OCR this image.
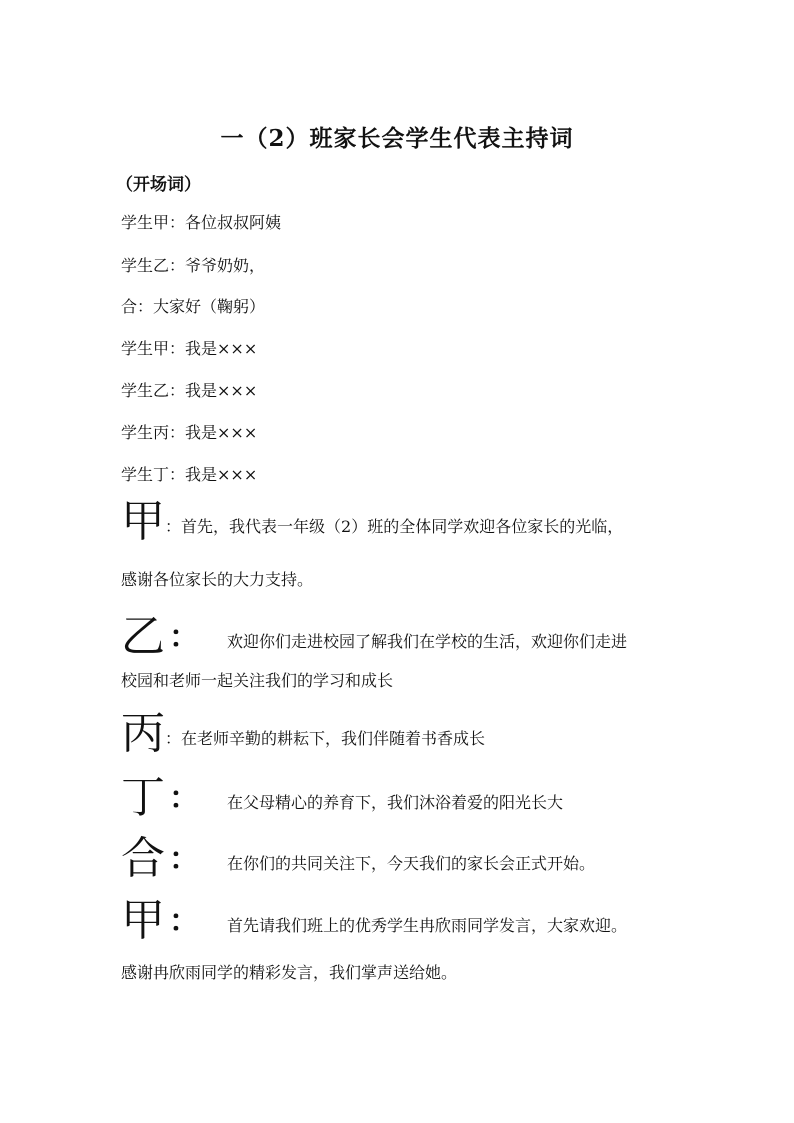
一（2）班家长会学生代表主持词
（开场词）
学生甲：各位叔叔阿姨
学生乙：爷爷奶奶，
合：大家好（鞠躬）
学生甲：我是×××
学生乙：我是×××
学生丙：我是×××
学生丁：我是×××
甲：首先，我代表一年级（2）班的全体同学欢迎各位家长的光临，
感谢各位家长的大力支持。
乙 ： 欢迎你们走进校园了解我们在学校的生活，欢迎你们走进
校园和老师一起关注我们的学习和成长
丙：在老师辛勤的耕耘下，我们伴随着书香成长
丁 ： 在父母精心的养育下，我们沐浴着爱的阳光长大
合 ： 在你们的共同关注下，今天我们的家长会正式开始。
甲 ： 首先请我们班上的优秀学生冉欣雨同学发言，大家欢迎。
感谢冉欣雨同学的精彩发言，我们掌声送给她。
